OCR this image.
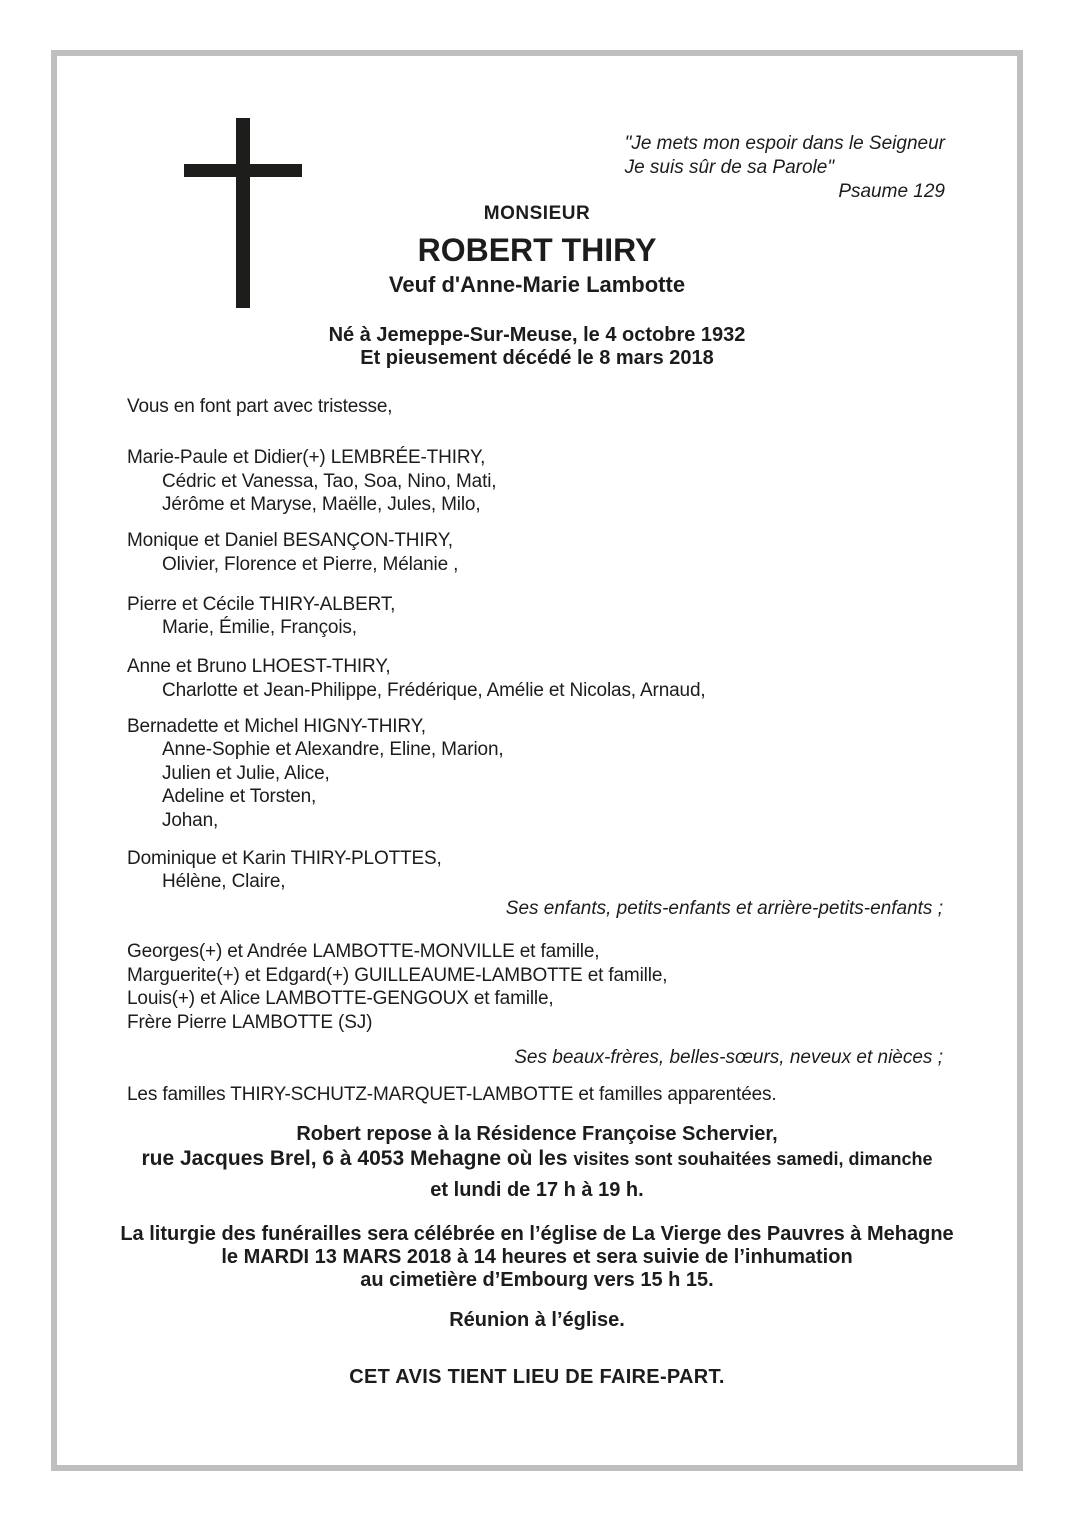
"Je mets mon espoir dans le Seigneur
Je suis sûr de sa Parole"
Psaume 129
MONSIEUR
ROBERT THIRY
Veuf d'Anne-Marie Lambotte
Né à Jemeppe-Sur-Meuse, le 4 octobre 1932
Et pieusement décédé le 8 mars 2018
Vous en font part avec tristesse,
Marie-Paule et Didier(+) LEMBRÉE-THIRY,
Cédric et Vanessa, Tao, Soa, Nino, Mati,
Jérôme et Maryse, Maëlle, Jules, Milo,
Monique et Daniel BESANÇON-THIRY,
Olivier, Florence et Pierre, Mélanie ,
Pierre et Cécile THIRY-ALBERT,
Marie, Émilie, François,
Anne et Bruno LHOEST-THIRY,
Charlotte et Jean-Philippe, Frédérique, Amélie et Nicolas, Arnaud,
Bernadette et Michel HIGNY-THIRY,
Anne-Sophie et Alexandre, Eline, Marion,
Julien et Julie, Alice,
Adeline et Torsten,
Johan,
Dominique et Karin THIRY-PLOTTES,
Hélène, Claire,
Ses enfants, petits-enfants et arrière-petits-enfants ;
Georges(+) et Andrée LAMBOTTE-MONVILLE et famille,
Marguerite(+) et Edgard(+) GUILLEAUME-LAMBOTTE et famille,
Louis(+) et Alice LAMBOTTE-GENGOUX et famille,
Frère Pierre LAMBOTTE (SJ)
Ses beaux-frères, belles-sœurs, neveux et nièces ;
Les familles THIRY-SCHUTZ-MARQUET-LAMBOTTE et familles apparentées.
Robert repose à la Résidence Françoise Schervier,
rue Jacques Brel, 6 à 4053 Mehagne où les visites sont souhaitées samedi, dimanche
et lundi de 17 h à 19 h.
La liturgie des funérailles sera célébrée en l’église de La Vierge des Pauvres à Mehagne
le MARDI 13 MARS 2018 à 14 heures et sera suivie de l’inhumation
au cimetière d’Embourg vers 15 h 15.
Réunion à l’église.
CET AVIS TIENT LIEU DE FAIRE-PART.
